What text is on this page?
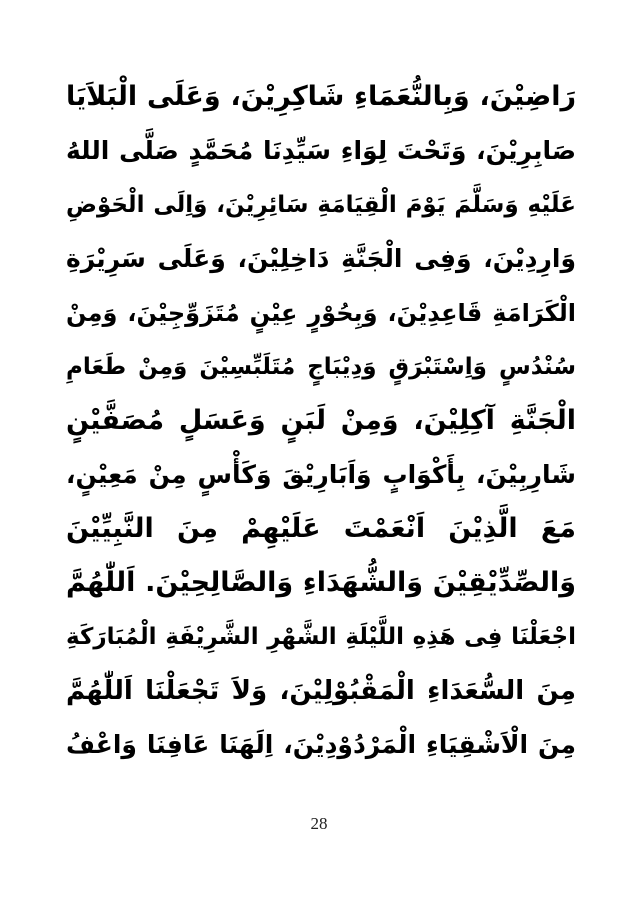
رَاضِيْنَ، وَبِالنُّعَمَاءِ شَاكِرِيْنَ، وَعَلَى الْبَلاَيَا
صَابِرِيْنَ، وَتَحْتَ لِوَاءِ سَيِّدِنَا مُحَمَّدٍ صَلَّى اللهُ
عَلَيْهِ وَسَلَّمَ يَوْمَ الْقِيَامَةِ سَائِرِيْنَ، وَاِلَى الْحَوْضِ
وَارِدِيْنَ، وَفِى الْجَنَّةِ دَاخِلِيْنَ، وَعَلَى سَرِيْرَةِ
الْكَرَامَةِ قَاعِدِيْنَ، وَبِحُوْرٍ عِيْنٍ مُتَزَوِّجِيْنَ، وَمِنْ
سُنْدُسٍ وَاِسْتَبْرَقٍ وَدِيْبَاجٍ مُتَلَبِّسِيْنَ وَمِنْ طَعَامِ
الْجَنَّةِ آكِلِيْنَ، وَمِنْ لَبَنٍ وَعَسَلٍ مُصَفَّيْنٍ
شَارِبِيْنَ، بِأَكْوَابٍ وَاَبَارِيْقَ وَكَأْسٍ مِنْ مَعِيْنٍ،
مَعَ الَّذِيْنَ اَنْعَمْتَ عَلَيْهِمْ مِنَ النَّبِيِّيْنَ
وَالصِّدِّيْقِيْنَ وَالشُّهَدَاءِ وَالصَّالِحِيْنَ. اَللّٰهُمَّ
اجْعَلْنَا فِى هَذِهِ اللَّيْلَةِ الشَّهْرِ الشَّرِيْفَةِ الْمُبَارَكَةِ
مِنَ السُّعَدَاءِ الْمَقْبُوْلِيْنَ، وَلاَ تَجْعَلْنَا اَللّٰهُمَّ
مِنَ الْاَشْقِيَاءِ الْمَرْدُوْدِيْنَ، اِلَهَنَا عَافِنَا وَاعْفُ
28
